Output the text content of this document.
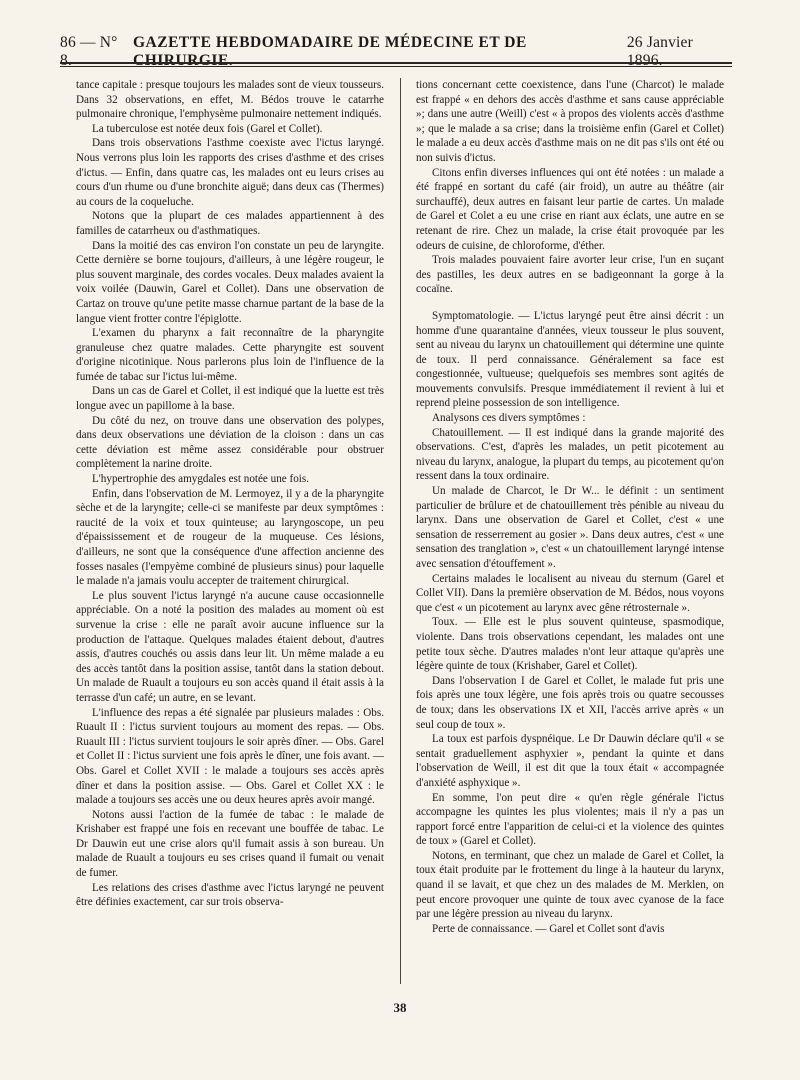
86 — N° 8.
GAZETTE HEBDOMADAIRE DE MÉDECINE ET DE CHIRURGIE.
26 Janvier 1896.

tance capitale : presque toujours les malades sont de vieux tousseurs. Dans 32 observations, en effet, M. Bédos trouve le catarrhe pulmonaire chronique, l'emphysème pulmonaire nettement indiqués.

La tuberculose est notée deux fois (Garel et Collet).

Dans trois observations l'asthme coexiste avec l'ictus laryngé. Nous verrons plus loin les rapports des crises d'asthme et des crises d'ictus. — Enfin, dans quatre cas, les malades ont eu leurs crises au cours d'un rhume ou d'une bronchite aiguë; dans deux cas (Thermes) au cours de la coqueluche.

Notons que la plupart de ces malades appartiennent à des familles de catarrheux ou d'asthmatiques.

Dans la moitié des cas environ l'on constate un peu de laryngite. Cette dernière se borne toujours, d'ailleurs, à une légère rougeur, le plus souvent marginale, des cordes vocales. Deux malades avaient la voix voilée (Dauwin, Garel et Collet). Dans une observation de Cartaz on trouve qu'une petite masse charnue partant de la base de la langue vient frotter contre l'épiglotte.

L'examen du pharynx a fait reconnaître de la pharyngite granuleuse chez quatre malades. Cette pharyngite est souvent d'origine nicotinique. Nous parlerons plus loin de l'influence de la fumée de tabac sur l'ictus lui-même.

Dans un cas de Garel et Collet, il est indiqué que la luette est très longue avec un papillome à la base.

Du côté du nez, on trouve dans une observation des polypes, dans deux observations une déviation de la cloison : dans un cas cette déviation est même assez considérable pour obstruer complètement la narine droite.

L'hypertrophie des amygdales est notée une fois.

Enfin, dans l'observation de M. Lermoyez, il y a de la pharyngite sèche et de la laryngite; celle-ci se manifeste par deux symptômes : raucité de la voix et toux quinteuse; au laryngoscope, un peu d'épaississement et de rougeur de la muqueuse. Ces lésions, d'ailleurs, ne sont que la conséquence d'une affection ancienne des fosses nasales (l'empyème combiné de plusieurs sinus) pour laquelle le malade n'a jamais voulu accepter de traitement chirurgical.

Le plus souvent l'ictus laryngé n'a aucune cause occasionnelle appréciable. On a noté la position des malades au moment où est survenue la crise : elle ne paraît avoir aucune influence sur la production de l'attaque. Quelques malades étaient debout, d'autres assis, d'autres couchés ou assis dans leur lit. Un même malade a eu des accès tantôt dans la position assise, tantôt dans la station debout. Un malade de Ruault a toujours eu son accès quand il était assis à la terrasse d'un café; un autre, en se levant.

L'influence des repas a été signalée par plusieurs malades : Obs. Ruault II : l'ictus survient toujours au moment des repas. — Obs. Ruault III : l'ictus survient toujours le soir après dîner. — Obs. Garel et Collet II : l'ictus survient une fois après le dîner, une fois avant. — Obs. Garel et Collet XVII : le malade a toujours ses accès après dîner et dans la position assise. — Obs. Garel et Collet XX : le malade a toujours ses accès une ou deux heures après avoir mangé.

Notons aussi l'action de la fumée de tabac : le malade de Krishaber est frappé une fois en recevant une bouffée de tabac. Le Dr Dauwin eut une crise alors qu'il fumait assis à son bureau. Un malade de Ruault a toujours eu ses crises quand il fumait ou venait de fumer.

Les relations des crises d'asthme avec l'ictus laryngé ne peuvent être définies exactement, car sur trois observa-

tions concernant cette coexistence, dans l'une (Charcot) le malade est frappé « en dehors des accès d'asthme et sans cause appréciable »; dans une autre (Weill) c'est « à propos des violents accès d'asthme »; que le malade a sa crise; dans la troisième enfin (Garel et Collet) le malade a eu deux accès d'asthme mais on ne dit pas s'ils ont été ou non suivis d'ictus.

Citons enfin diverses influences qui ont été notées : un malade a été frappé en sortant du café (air froid), un autre au théâtre (air surchauffé), deux autres en faisant leur partie de cartes. Un malade de Garel et Colet a eu une crise en riant aux éclats, une autre en se retenant de rire. Chez un malade, la crise était provoquée par les odeurs de cuisine, de chloroforme, d'éther.

Trois malades pouvaient faire avorter leur crise, l'un en suçant des pastilles, les deux autres en se badigeonnant la gorge à la cocaïne.

Symptomatologie. — L'ictus laryngé peut être ainsi décrit : un homme d'une quarantaine d'années, vieux tousseur le plus souvent, sent au niveau du larynx un chatouillement qui détermine une quinte de toux. Il perd connaissance. Généralement sa face est congestionnée, vultueuse; quelquefois ses membres sont agités de mouvements convulsifs. Presque immédiatement il revient à lui et reprend pleine possession de son intelligence.

Analysons ces divers symptômes :

Chatouillement. — Il est indiqué dans la grande majorité des observations. C'est, d'après les malades, un petit picotement au niveau du larynx, analogue, la plupart du temps, au picotement qu'on ressent dans la toux ordinaire.

Un malade de Charcot, le Dr W... le définit : un sentiment particulier de brûlure et de chatouillement très pénible au niveau du larynx. Dans une observation de Garel et Collet, c'est « une sensation de resserrement au gosier ». Dans deux autres, c'est « une sensation des tranglation », c'est « un chatouillement laryngé intense avec sensation d'étouffement ».

Certains malades le localisent au niveau du sternum (Garel et Collet VII). Dans la première observation de M. Bédos, nous voyons que c'est « un picotement au larynx avec gêne rétrosternale ».

Toux. — Elle est le plus souvent quinteuse, spasmodique, violente. Dans trois observations cependant, les malades ont une petite toux sèche. D'autres malades n'ont leur attaque qu'après une légère quinte de toux (Krishaber, Garel et Collet).

Dans l'observation I de Garel et Collet, le malade fut pris une fois après une toux légère, une fois après trois ou quatre secousses de toux; dans les observations IX et XII, l'accès arrive après « un seul coup de toux ».

La toux est parfois dyspnéique. Le Dr Dauwin déclare qu'il « se sentait graduellement asphyxier », pendant la quinte et dans l'observation de Weill, il est dit que la toux était « accompagnée d'anxiété asphyxique ».

En somme, l'on peut dire « qu'en règle générale l'ictus accompagne les quintes les plus violentes; mais il n'y a pas un rapport forcé entre l'apparition de celui-ci et la violence des quintes de toux » (Garel et Collet).

Notons, en terminant, que chez un malade de Garel et Collet, la toux était produite par le frottement du linge à la hauteur du larynx, quand il se lavait, et que chez un des malades de M. Merklen, on peut encore provoquer une quinte de toux avec cyanose de la face par une légère pression au niveau du larynx.

Perte de connaissance. — Garel et Collet sont d'avis

38
